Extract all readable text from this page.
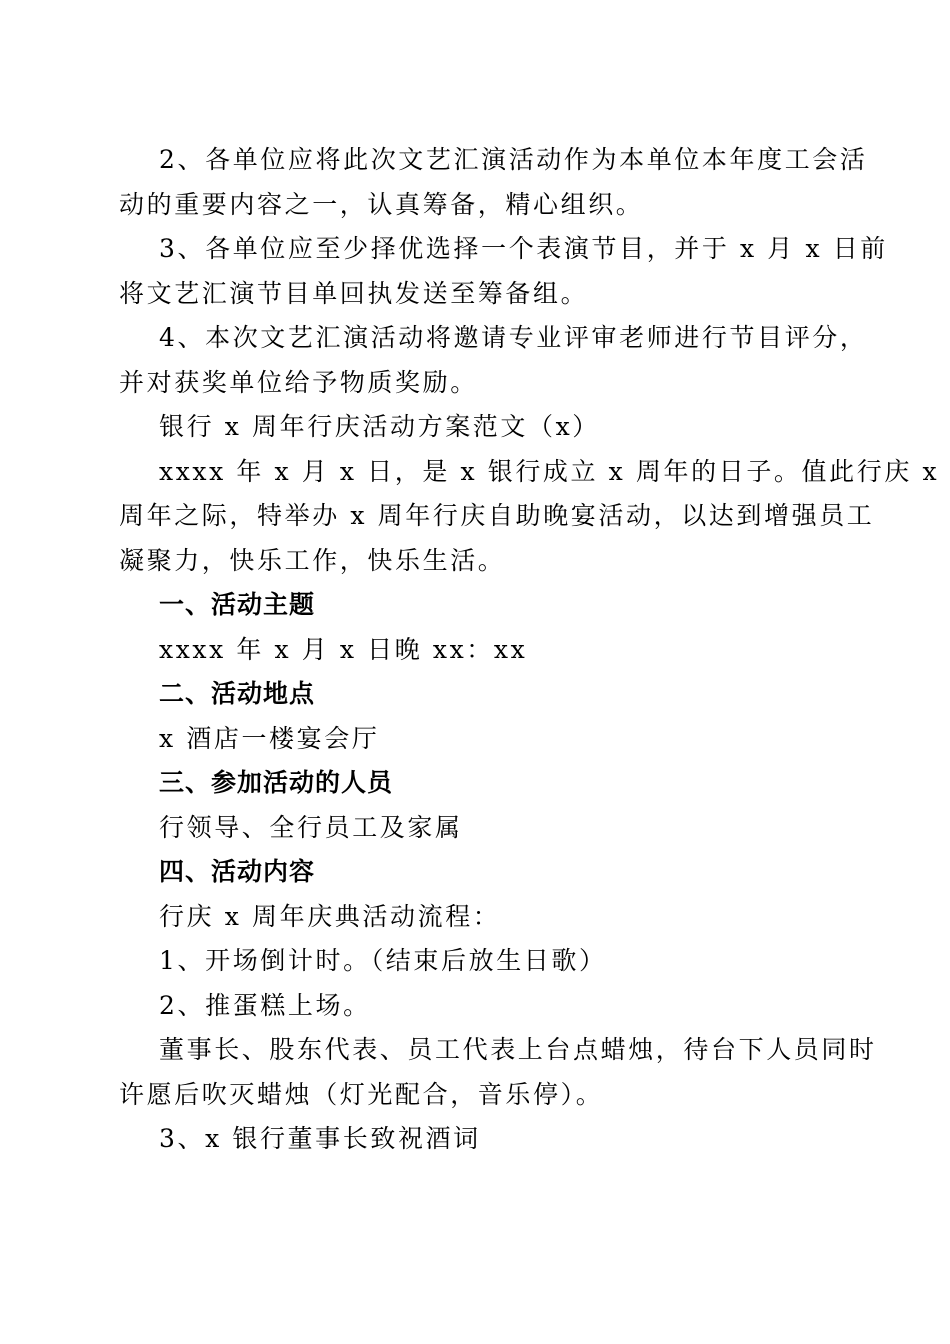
2、各单位应将此次文艺汇演活动作为本单位本年度工会活
动的重要内容之一，认真筹备，精心组织。
3、各单位应至少择优选择一个表演节目，并于 x 月 x 日前
将文艺汇演节目单回执发送至筹备组。
4、本次文艺汇演活动将邀请专业评审老师进行节目评分，
并对获奖单位给予物质奖励。
银行 x 周年行庆活动方案范文（x）
xxxx 年 x 月 x 日，是 x 银行成立 x 周年的日子。值此行庆 x
周年之际，特举办 x 周年行庆自助晚宴活动，以达到增强员工
凝聚力，快乐工作，快乐生活。
一、活动主题
xxxx 年 x 月 x 日晚 xx：xx
二、活动地点
x 酒店一楼宴会厅
三、参加活动的人员
行领导、全行员工及家属
四、活动内容
行庆 x 周年庆典活动流程：
1、开场倒计时。（结束后放生日歌）
2、推蛋糕上场。
董事长、股东代表、员工代表上台点蜡烛，待台下人员同时
许愿后吹灭蜡烛（灯光配合，音乐停）。
3、x 银行董事长致祝酒词
